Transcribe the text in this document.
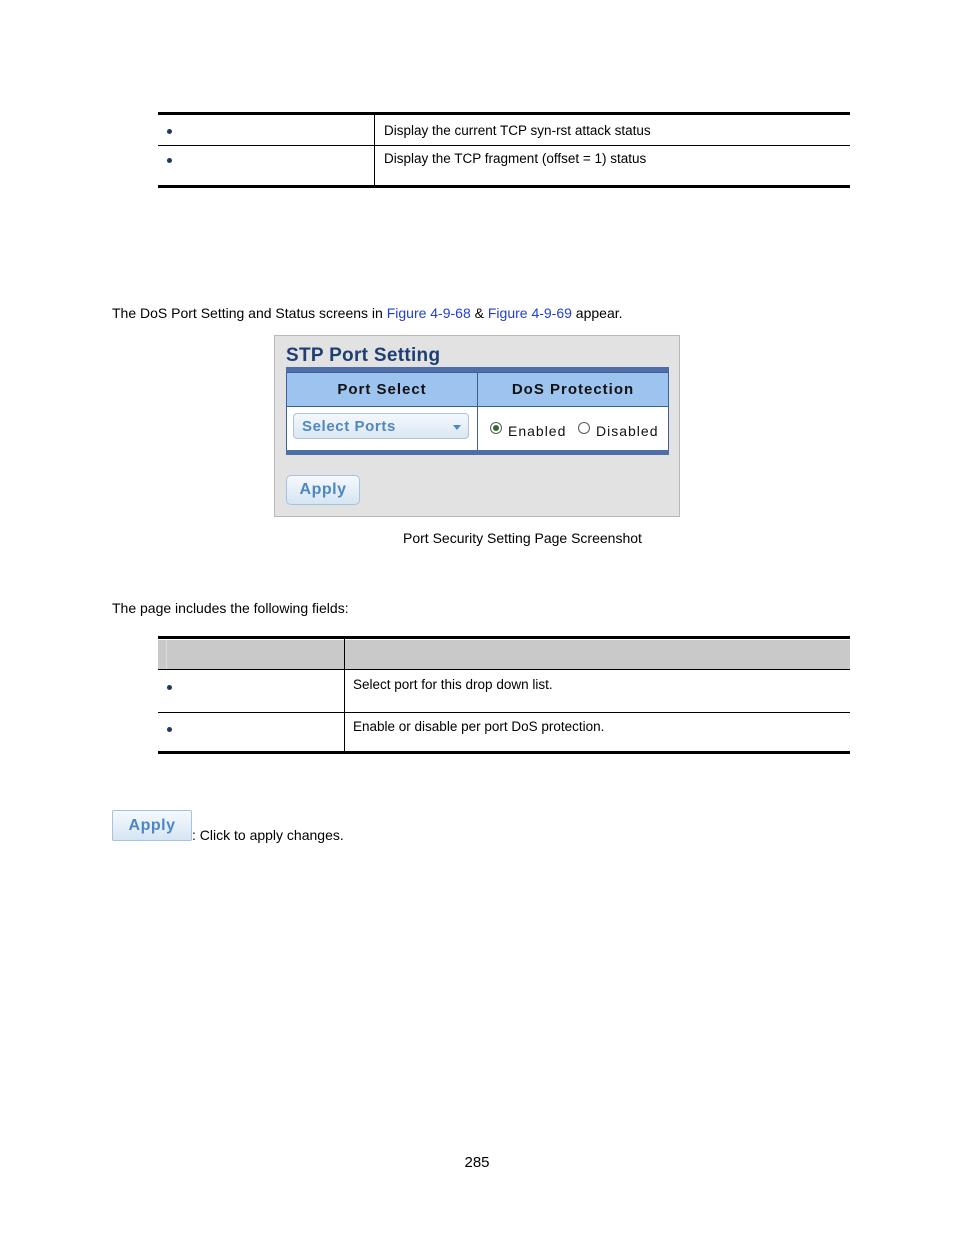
Display the current TCP syn-rst attack status
Display the TCP fragment (offset = 1) status

The DoS Port Setting and Status screens in Figure 4-9-68 & Figure 4-9-69 appear.

STP Port Setting
Port Select	DoS Protection
Select Ports	Enabled Disabled
Apply

Port Security Setting Page Screenshot

The page includes the following fields:

Select port for this drop down list.
Enable or disable per port DoS protection.
Apply

: Click to apply changes.

285
